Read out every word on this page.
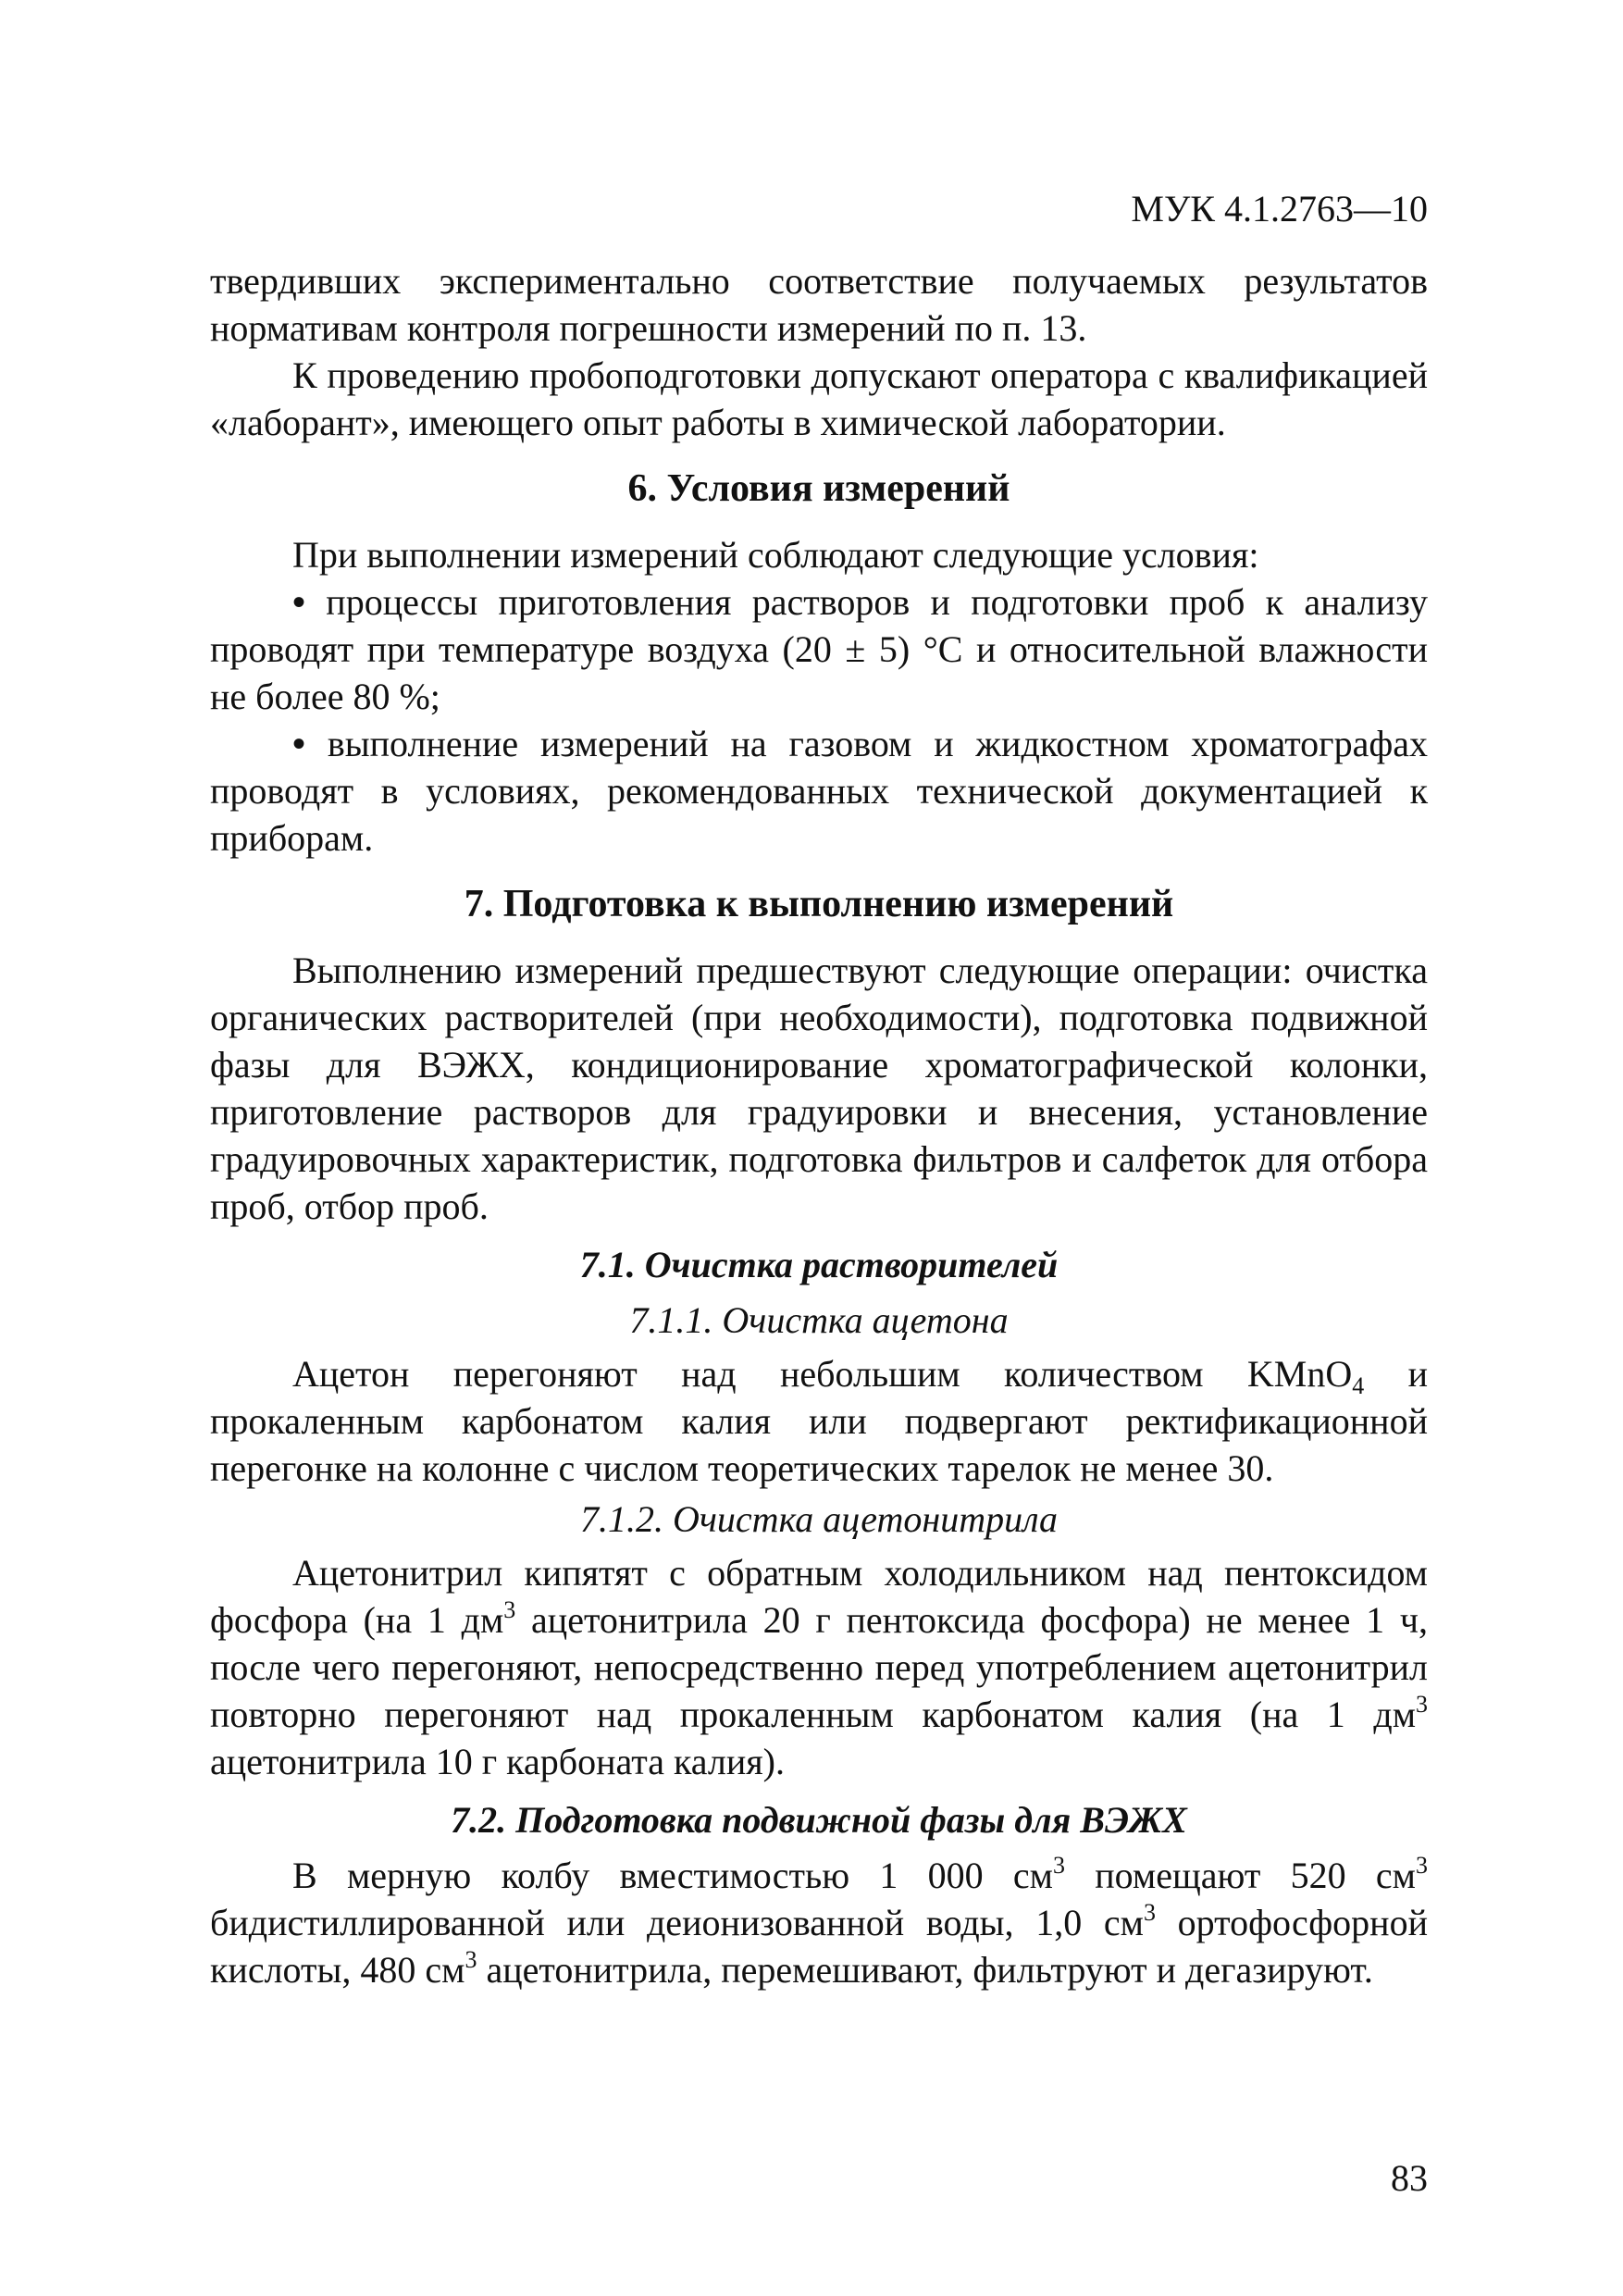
МУК 4.1.2763—10

твердивших экспериментально соответствие получаемых результатов нормативам контроля погрешности измерений по п. 13.

К проведению пробоподготовки допускают оператора с квалификацией «лаборант», имеющего опыт работы в химической лаборатории.

6. Условия измерений

При выполнении измерений соблюдают следующие условия:

• процессы приготовления растворов и подготовки проб к анализу проводят при температуре воздуха (20 ± 5) °С и относительной влажности не более 80 %;

• выполнение измерений на газовом и жидкостном хроматографах проводят в условиях, рекомендованных технической документацией к приборам.

7. Подготовка к выполнению измерений

Выполнению измерений предшествуют следующие операции: очистка органических растворителей (при необходимости), подготовка подвижной фазы для ВЭЖХ, кондиционирование хроматографической колонки, приготовление растворов для градуировки и внесения, установление градуировочных характеристик, подготовка фильтров и салфеток для отбора проб, отбор проб.

7.1. Очистка растворителей
7.1.1. Очистка ацетона

Ацетон перегоняют над небольшим количеством KMnO$_4$ и прокаленным карбонатом калия или подвергают ректификационной перегонке на колонне с числом теоретических тарелок не менее 30.

7.1.2. Очистка ацетонитрила

Ацетонитрил кипятят с обратным холодильником над пентоксидом фосфора (на 1 $дм^3$ ацетонитрила 20 г пентоксида фосфора) не менее 1 ч, после чего перегоняют, непосредственно перед употреблением ацетонитрил повторно перегоняют над прокаленным карбонатом калия (на 1 $дм^3$ ацетонитрила 10 г карбоната калия).

7.2. Подготовка подвижной фазы для ВЭЖХ

В мерную колбу вместимостью 1 000 $см^3$ помещают 520 $см^3$ бидистиллированной или деионизованной воды, 1,0 $см^3$ ортофосфорной кислоты, 480 $см^3$ ацетонитрила, перемешивают, фильтруют и дегазируют.

83
